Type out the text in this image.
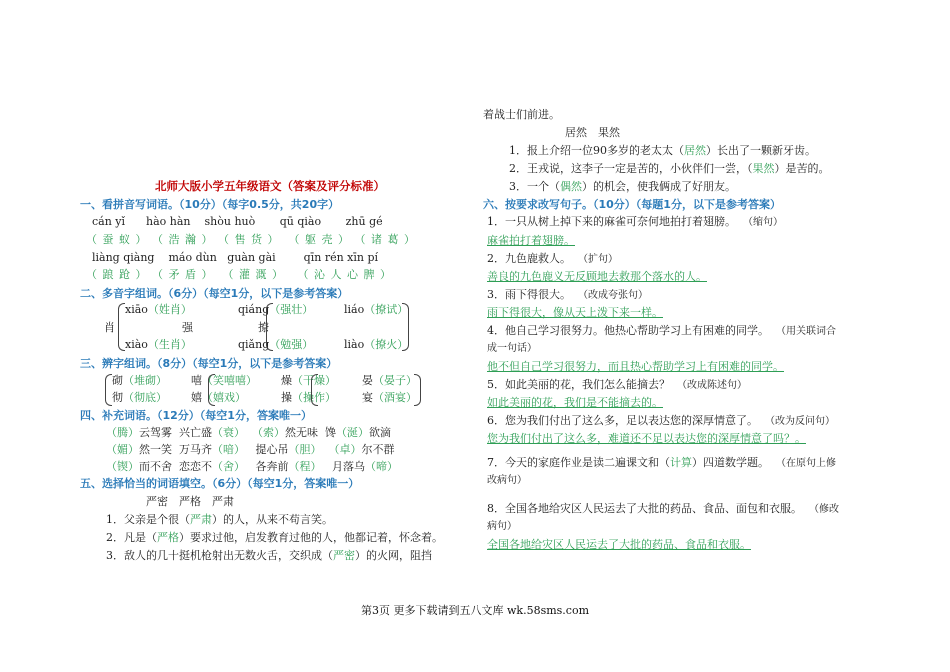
北师大版小学五年级语文（答案及评分标准）
一、看拼音写词语。（10分）（每字0.5分，共20字）
cán yǐ hào hàn shòu huò qū qiào zhū gé
（ 蚕 蚁 ） （ 浩 瀚 ） （ 售 货 ）  （ 躯 壳 ） （ 诸 葛 ）
liàng qiàng máo dùn guàn gài	qīn rén xīn pí
（ 踉 跄 ） （ 矛 盾 ）  （ 灌 溉 ）   （ 沁 人 心 脾 ）
二、多音字组词。（6分）（每空1分，以下是参考答案）
xiāo（姓肖）	qiáng（强壮）	liáo（撩试）
肖	强	撩
xiào（生肖）	qiǎng（勉强）	liào（撩火）
三、辨字组词。（8分）（每空1分，以下是参考答案）
砌（堆砌） 嘻（笑嘻嘻） 燥（干燥） 晏（晏子）
彻（彻底） 嬉（嬉戏）	操（操作） 宴（酒宴）
四、补充词语。（12分）（每空1分，答案唯一）
（腾）云驾雾 兴亡盛（衰） （索）然无味 馋（涎）欲滴
（媚）然一笑 万马齐（喑） 提心吊（胆） （卓）尔不群
（锲）而不舍 恋恋不（舍） 各奔前（程） 月落乌（啼）
五、选择恰当的词语填空。（6分）（每空1分，答案唯一）
严密　严格　严肃
1．父亲是个很（严肃）的人，从来不苟言笑。
2．凡是（严格）要求过他，启发教育过他的人，他都记着，怀念着。
3．敌人的几十挺机枪射出无数火舌，交织成（严密）的火网，阻挡
着战士们前进。
居然　果然
1．报上介绍一位90多岁的老太太（居然）长出了一颗新牙齿。
2．王戎说，这李子一定是苦的，小伙伴们一尝，（果然）是苦的。
3．一个（偶然）的机会，使我俩成了好朋友。
六、按要求改写句子。（10分）（每题1分，以下是参考答案）
1．一只从树上掉下来的麻雀可奈何地拍打着翅膀。 （缩句）
麻雀拍打着翅膀。
2．九色鹿救人。 （扩句）
善良的九色鹿义无反顾地去救那个落水的人。
3．雨下得很大。 （改成夸张句）
雨下得很大，像从天上泼下来一样。
4．他自己学习很努力。他热心帮助学习上有困难的同学。 （用关联词合
成一句话）
他不但自己学习很努力，而且热心帮助学习上有困难的同学。
5．如此美丽的花，我们怎么能摘去？ （改成陈述句）
如此美丽的花，我们是不能摘去的。
6．您为我们付出了这么多，足以表达您的深厚情意了。 （改为反问句）
您为我们付出了这么多，难道还不足以表达您的深厚情意了吗？。
7．今天的家庭作业是读二遍课文和（计算）四道数学题。 （在原句上修
改病句）
8．全国各地给灾区人民运去了大批的药品、食品、面包和衣服。 （修改
病句）
全国各地给灾区人民运去了大批的药品、食品和衣服。
第3页 更多下载请到五八文库 wk.58sms.com
